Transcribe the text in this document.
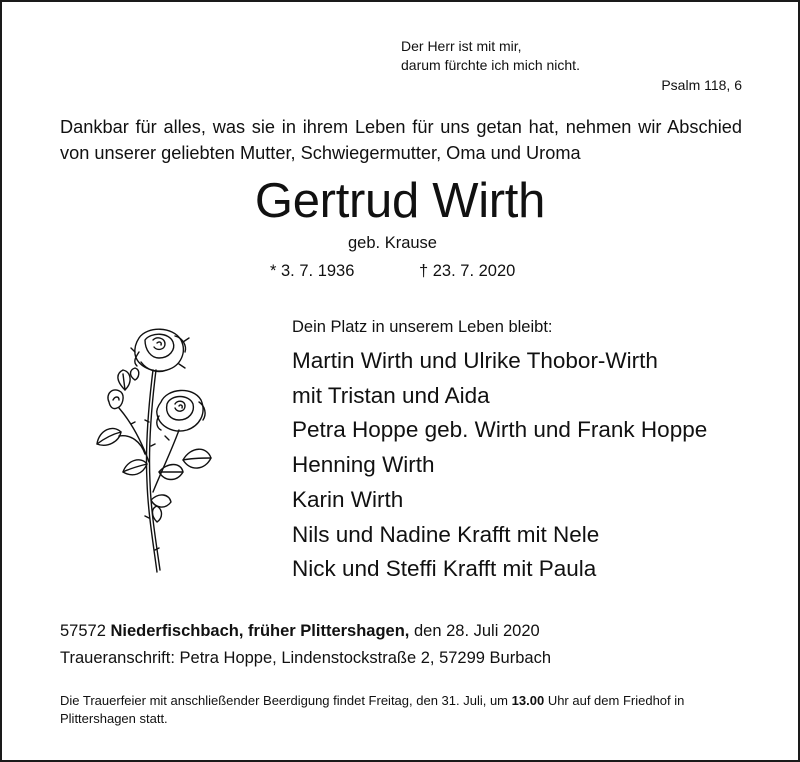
Der Herr ist mit mir,
darum fürchte ich mich nicht.
Psalm 118, 6
Dankbar für alles, was sie in ihrem Leben für uns getan hat, nehmen wir Abschied von unserer geliebten Mutter, Schwiegermutter, Oma und Uroma
Gertrud Wirth
geb. Krause
* 3. 7. 1936	† 23. 7. 2020
Dein Platz in unserem Leben bleibt:
Martin Wirth und Ulrike Thobor-Wirth
mit Tristan und Aida
Petra Hoppe geb. Wirth und Frank Hoppe
Henning Wirth
Karin Wirth
Nils und Nadine Krafft mit Nele
Nick und Steffi Krafft mit Paula
57572 Niederfischbach, früher Plittershagen, den 28. Juli 2020
Traueranschrift: Petra Hoppe, Lindenstockstraße 2, 57299 Burbach
Die Trauerfeier mit anschließender Beerdigung findet Freitag, den 31. Juli, um 13.00 Uhr auf dem Friedhof in Plittershagen statt.
